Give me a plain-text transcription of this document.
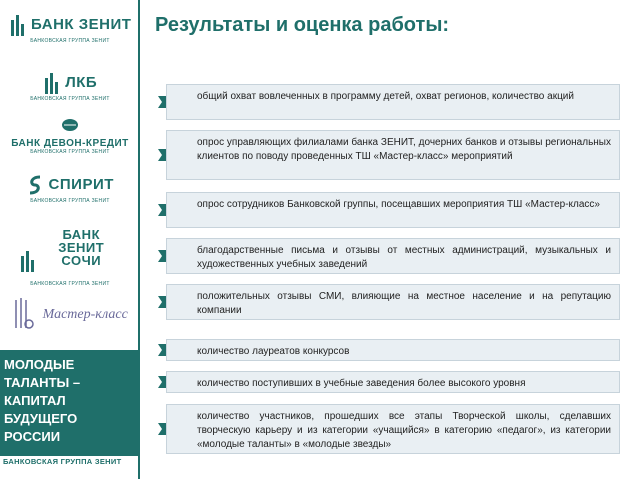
БАНК ЗЕНИТ
БАНКОВСКАЯ ГРУППА ЗЕНИТ
ЛКБ
БАНКОВСКАЯ ГРУППА ЗЕНИТ
БАНК ДЕВОН-КРЕДИТ
БАНКОВСКАЯ ГРУППА ЗЕНИТ
СПИРИТ
БАНКОВСКАЯ ГРУППА ЗЕНИТ
БАНК ЗЕНИТ СОЧИ
БАНКОВСКАЯ ГРУППА ЗЕНИТ
Мастер-класс
МОЛОДЫЕ ТАЛАНТЫ – КАПИТАЛ БУДУЩЕГО РОССИИ
БАНКОВСКАЯ ГРУППА ЗЕНИТ
Результаты и оценка работы:
общий охват вовлеченных в программу детей, охват регионов, количество акций
опрос управляющих филиалами банка ЗЕНИТ, дочерних банков и отзывы региональных клиентов по поводу проведенных ТШ «Мастер-класс» мероприятий
опрос сотрудников Банковской группы, посещавших мероприятия ТШ «Мастер-класс»
благодарственные письма и отзывы от местных администраций, музыкальных и художественных учебных заведений
положительных отзывы СМИ, влияющие на местное население и на репутацию компании
количество лауреатов конкурсов
количество поступивших в учебные заведения более высокого уровня
количество участников, прошедших все этапы Творческой школы, сделавших творческую карьеру и из категории «учащийся» в категорию «педагог», из категории «молодые таланты» в «молодые звезды»
